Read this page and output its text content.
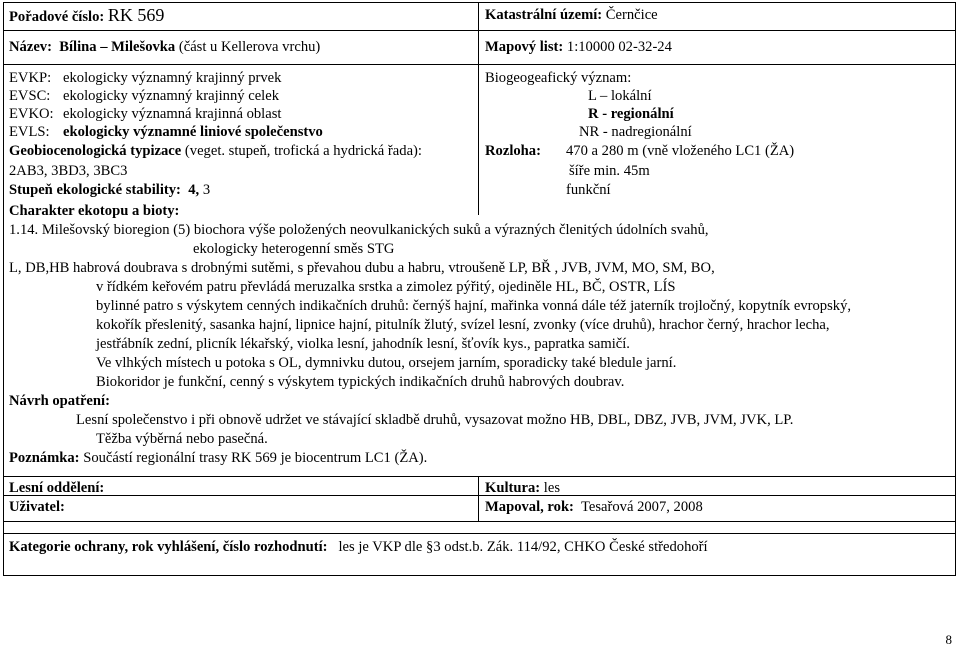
Pořadové číslo: RK 569	Katastrální území: Černčice
Název: Bílina – Milešovka (část u Kellerova vrchu)	Mapový list: 1:10000 02-32-24
EVKP: ekologicky významný krajinný prvek
EVSC: ekologicky významný krajinný celek
EVKO: ekologicky významná krajinná oblast
EVLS: ekologicky významné liniové společenstvo
Geobiocenologická typizace (veget. stupeň, trofická a hydrická řada):
2AB3, 3BD3, 3BC3
Stupeň ekologické stability: 4, 3
Biogeogeafický význam:
L – lokální
R - regionální
NR - nadregionální
Rozloha: 470 a 280 m (vně vloženého LC1 (ŽA)
šíře min. 45m
funkční
Charakter ekotopu a bioty:
1.14. Milešovský bioregion (5) biochora výše položených neovulkanických suků a výrazných členitých údolních svahů,
ekologicky heterogenní směs STG
L, DB,HB habrová doubrava s drobnými sutěmi, s převahou dubu a habru, vtroušeně LP, BŘ , JVB, JVM, MO, SM, BO,
v řídkém keřovém patru převládá meruzalka srstka a zimolez pýřitý, ojediněle HL, BČ, OSTR, LÍS
bylinné patro s výskytem cenných indikačních druhů: černýš hajní, mařinka vonná dále též jaterník trojločný, kopytník evropský,
kokořík přeslenitý, sasanka hajní, lipnice hajní, pitulník žlutý, svízel lesní, zvonky (více druhů), hrachor černý, hrachor lecha,
jestřábník zední, plicník lékařský, violka lesní, jahodník lesní, šťovík kys., papratka samičí.
Ve vlhkých místech u potoka s OL, dymnivku dutou, orsejem jarním, sporadicky také bledule jarní.
Biokoridor je funkční, cenný s výskytem typických indikačních druhů habrových doubrav.
Návrh opatření:
Lesní společenstvo i při obnově udržet ve stávající skladbě druhů, vysazovat možno HB, DBL, DBZ, JVB, JVM, JVK, LP.
Těžba výběrná nebo pasečná.
Poznámka: Součástí regionální trasy RK 569 je biocentrum LC1 (ŽA).
Lesní oddělení:	Kultura: les
Uživatel:	Mapoval, rok: Tesařová 2007, 2008
Kategorie ochrany, rok vyhlášení, číslo rozhodnutí: les je VKP dle §3 odst.b. Zák. 114/92, CHKO České středohoří
8
